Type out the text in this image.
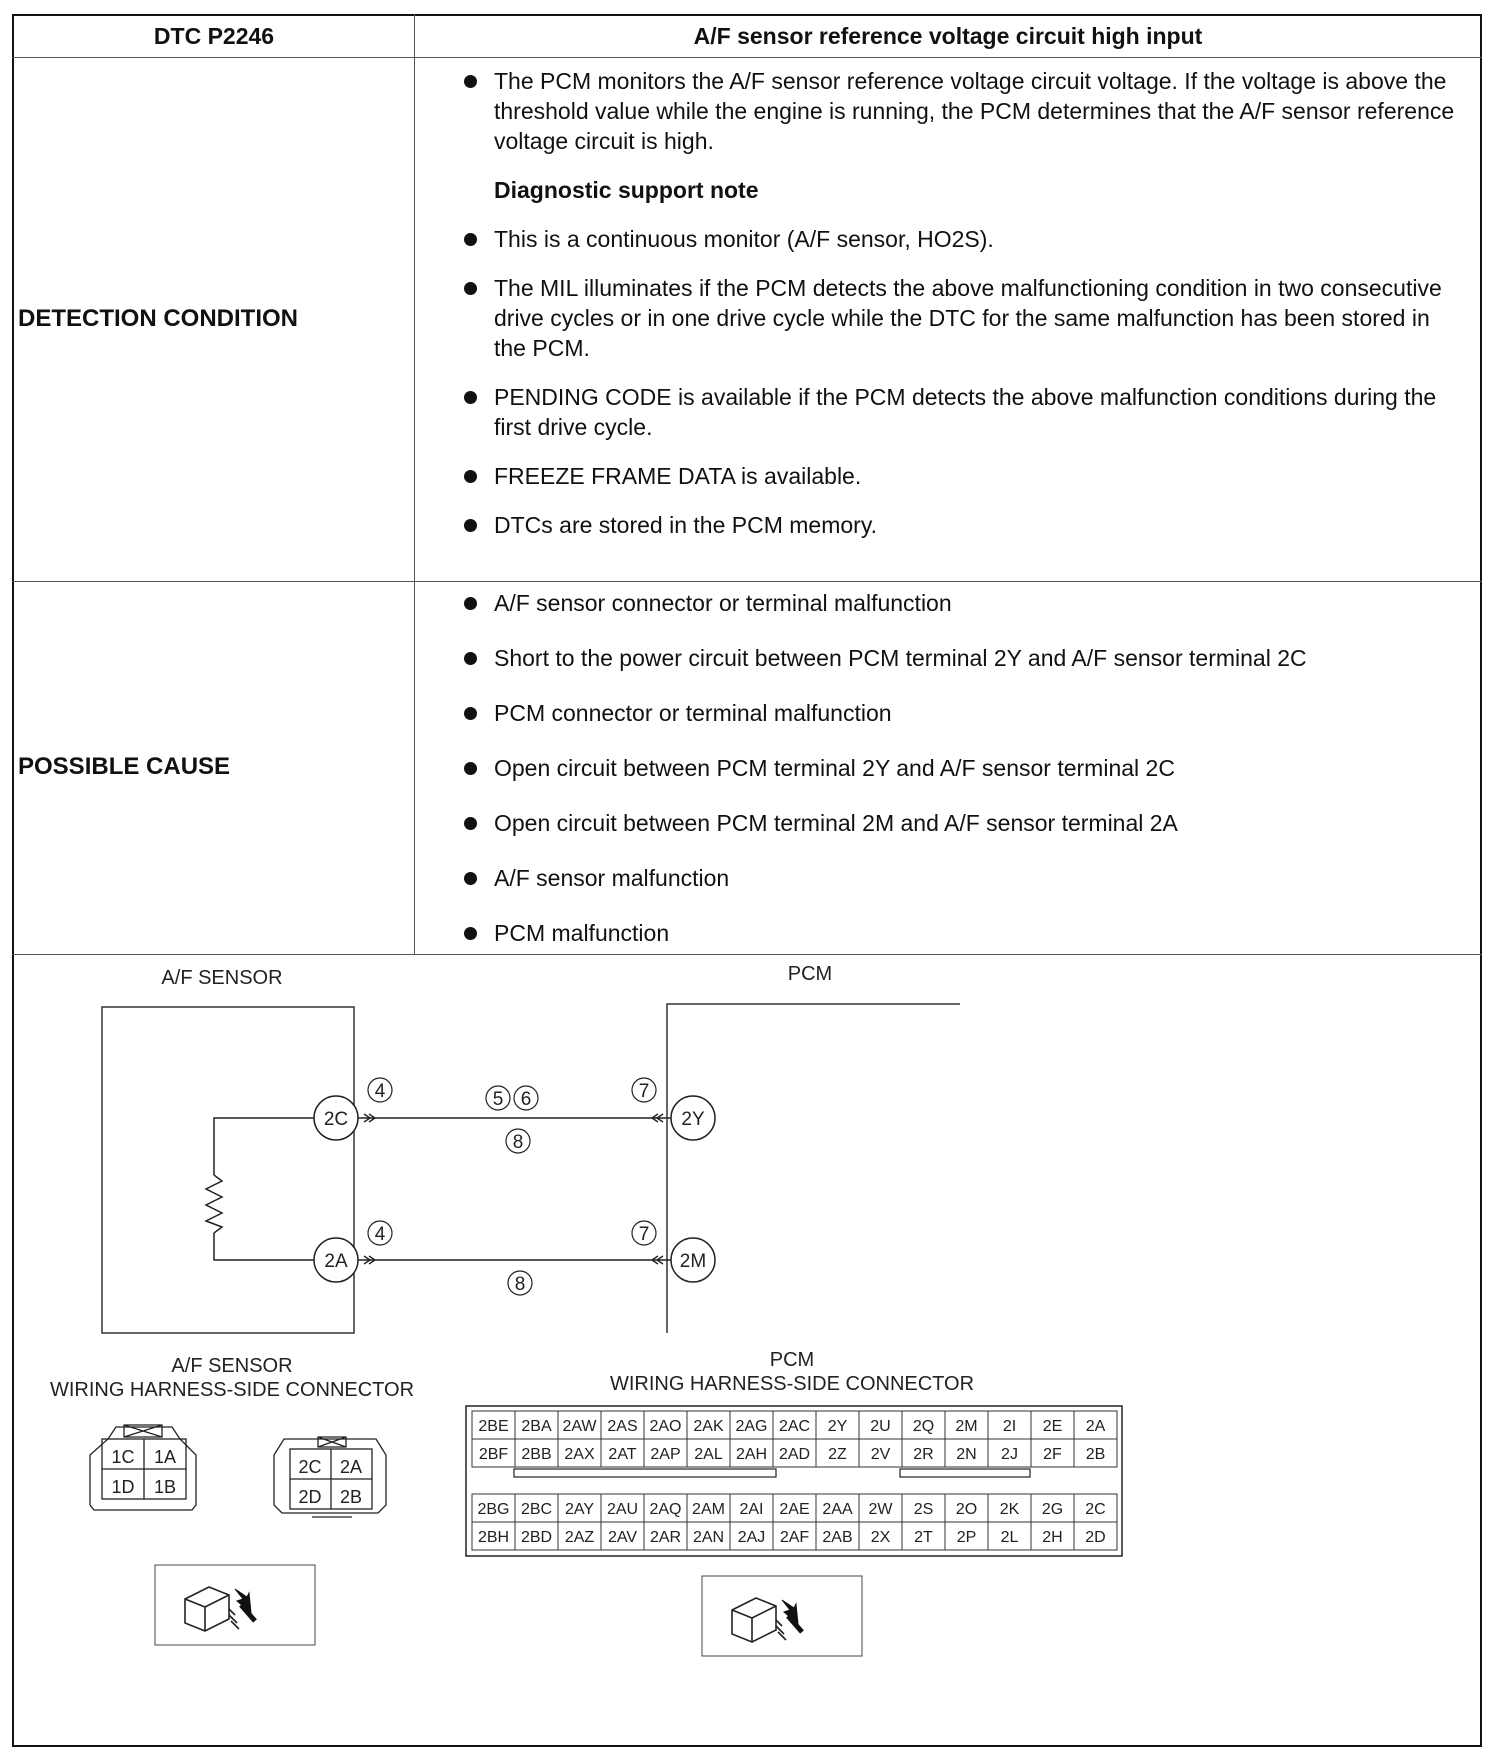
DTC P2246	A/F sensor reference voltage circuit high input
DETECTION CONDITION
The PCM monitors the A/F sensor reference voltage circuit voltage. If the voltage is above the threshold value while the engine is running, the PCM determines that the A/F sensor reference voltage circuit is high.
Diagnostic support note
This is a continuous monitor (A/F sensor, HO2S).
The MIL illuminates if the PCM detects the above malfunctioning condition in two consecutive drive cycles or in one drive cycle while the DTC for the same malfunction has been stored in the PCM.
PENDING CODE is available if the PCM detects the above malfunction conditions during the first drive cycle.
FREEZE FRAME DATA is available.
DTCs are stored in the PCM memory.
POSSIBLE CAUSE
A/F sensor connector or terminal malfunction
Short to the power circuit between PCM terminal 2Y and A/F sensor terminal 2C
PCM connector or terminal malfunction
Open circuit between PCM terminal 2Y and A/F sensor terminal 2C
Open circuit between PCM terminal 2M and A/F sensor terminal 2A
A/F sensor malfunction
PCM malfunction
A/F SENSOR	PCM
2C
2A
2Y
2M
4	5 6	7
8
4	7
8
A/F SENSOR
WIRING HARNESS-SIDE CONNECTOR
1C 1A
1D 1B
2C 2A
2D 2B
PCM
WIRING HARNESS-SIDE CONNECTOR
2BE 2BA 2AW 2AS 2AO 2AK 2AG 2AC 2Y 2U 2Q 2M 2I 2E 2A
2BF 2BB 2AX 2AT 2AP 2AL 2AH 2AD 2Z 2V 2R 2N 2J 2F 2B
2BG 2BC 2AY 2AU 2AQ 2AM 2AI 2AE 2AA 2W 2S 2O 2K 2G 2C
2BH 2BD 2AZ 2AV 2AR 2AN 2AJ 2AF 2AB 2X 2T 2P 2L 2H 2D
